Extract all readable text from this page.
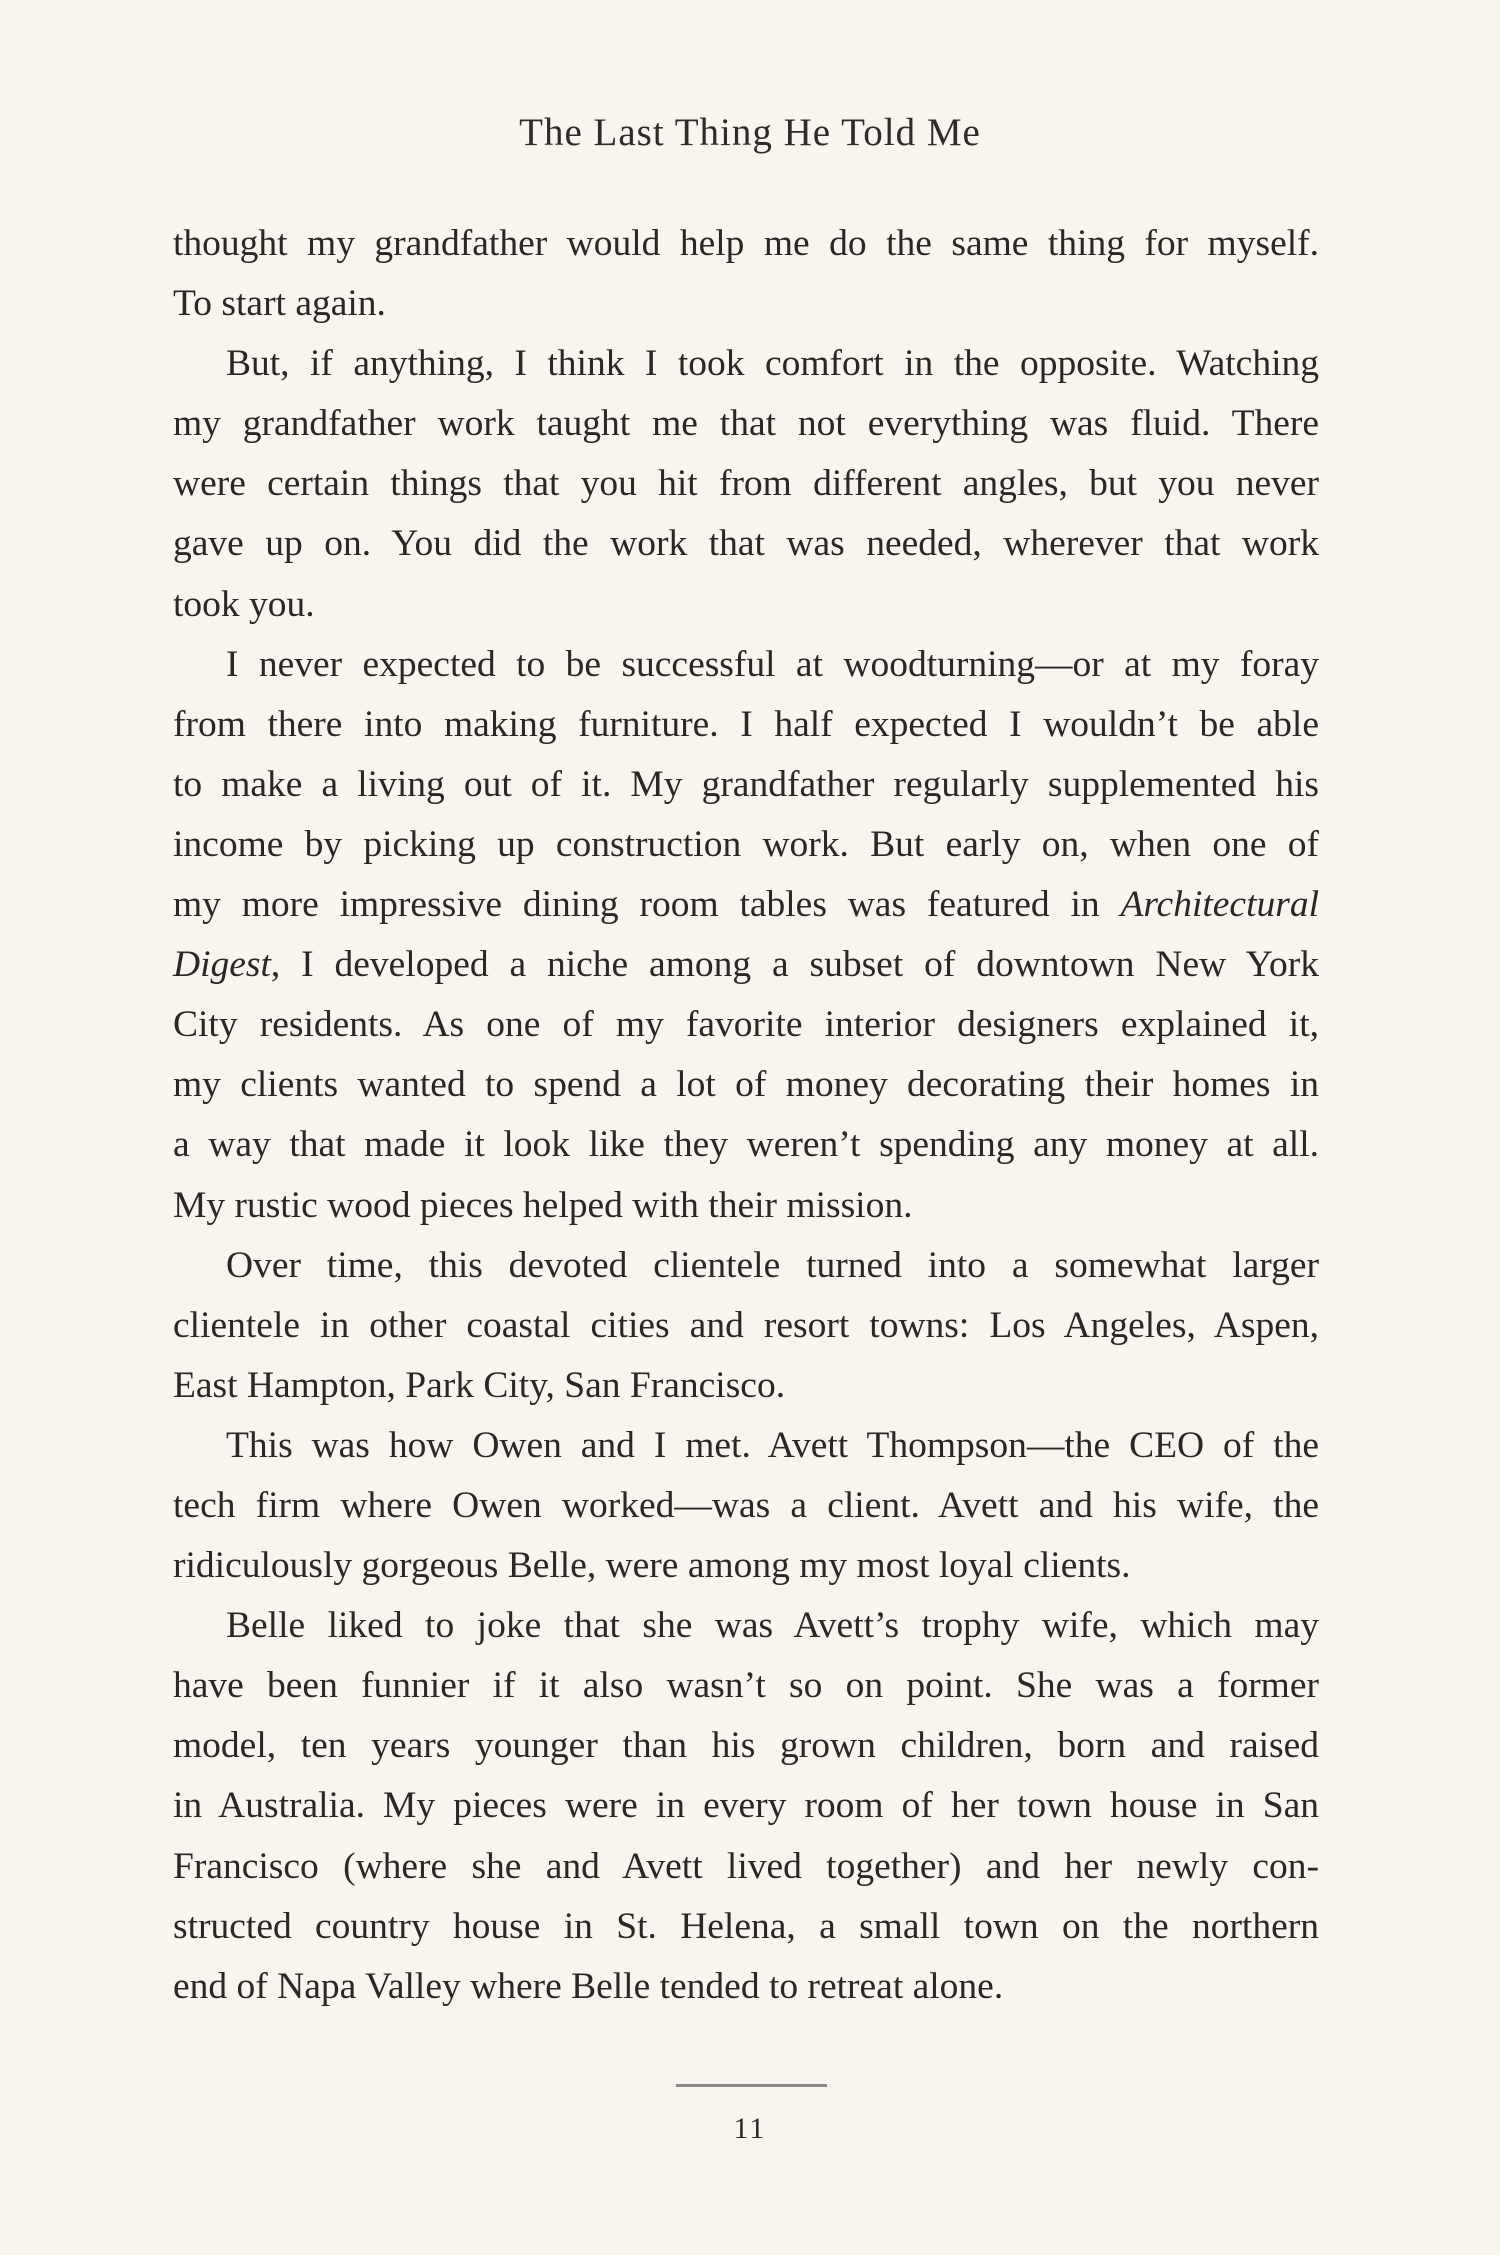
The Last Thing He Told Me
thought my grandfather would help me do the same thing for myself.
To start again.
But, if anything, I think I took comfort in the opposite. Watching
my grandfather work taught me that not everything was fluid. There
were certain things that you hit from different angles, but you never
gave up on. You did the work that was needed, wherever that work
took you.
I never expected to be successful at woodturning—or at my foray
from there into making furniture. I half expected I wouldn’t be able
to make a living out of it. My grandfather regularly supplemented his
income by picking up construction work. But early on, when one of
my more impressive dining room tables was featured in Architectural
Digest, I developed a niche among a subset of downtown New York
City residents. As one of my favorite interior designers explained it,
my clients wanted to spend a lot of money decorating their homes in
a way that made it look like they weren’t spending any money at all.
My rustic wood pieces helped with their mission.
Over time, this devoted clientele turned into a somewhat larger
clientele in other coastal cities and resort towns: Los Angeles, Aspen,
East Hampton, Park City, San Francisco.
This was how Owen and I met. Avett Thompson—the CEO of the
tech firm where Owen worked—was a client. Avett and his wife, the
ridiculously gorgeous Belle, were among my most loyal clients.
Belle liked to joke that she was Avett’s trophy wife, which may
have been funnier if it also wasn’t so on point. She was a former
model, ten years younger than his grown children, born and raised
in Australia. My pieces were in every room of her town house in San
Francisco (where she and Avett lived together) and her newly con-
structed country house in St. Helena, a small town on the northern
end of Napa Valley where Belle tended to retreat alone.
11
